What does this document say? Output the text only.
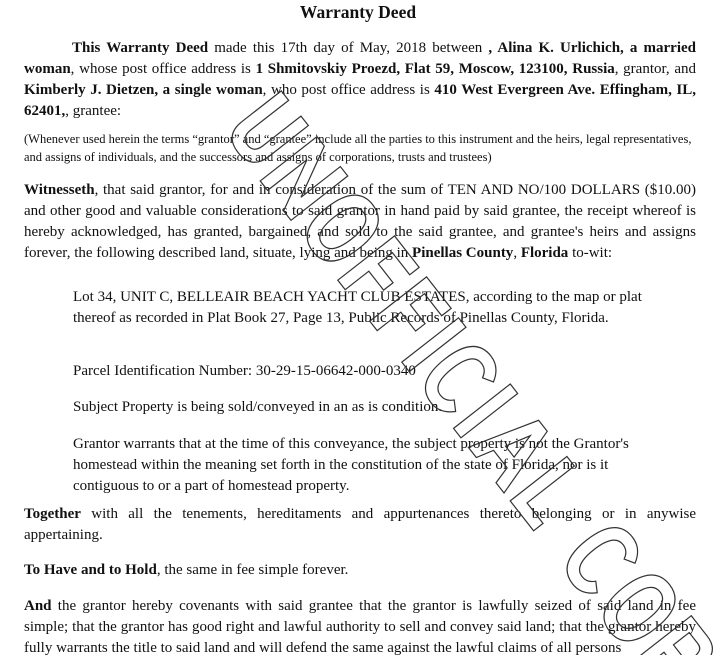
Warranty Deed

This Warranty Deed made this 17th day of May, 2018 between , Alina K. Urlichich, a married woman, whose post office address is 1 Shmitovskiy Proezd, Flat 59, Moscow, 123100, Russia, grantor, and Kimberly J. Dietzen, a single woman, who post office address is 410 West Evergreen Ave. Effingham, IL, 62401,, grantee:

(Whenever used herein the terms “grantor” and “grantee” include all the parties to this instrument and the heirs, legal representatives, and assigns of individuals, and the successors and assigns of corporations, trusts and trustees)

Witnesseth, that said grantor, for and in consideration of the sum of TEN AND NO/100 DOLLARS ($10.00) and other good and valuable considerations to said grantor in hand paid by said grantee, the receipt whereof is hereby acknowledged, has granted, bargained, and sold to the said grantee, and grantee's heirs and assigns forever, the following described land, situate, lying and being in Pinellas County, Florida to-wit:

Lot 34, UNIT C, BELLEAIR BEACH YACHT CLUB ESTATES, according to the map or plat thereof as recorded in Plat Book 27, Page 13, Public Records of Pinellas County, Florida.

Parcel Identification Number: 30-29-15-06642-000-0340

Subject Property is being sold/conveyed in an as is condition.

Grantor warrants that at the time of this conveyance, the subject property is not the Grantor's homestead within the meaning set forth in the constitution of the state of Florida, nor is it contiguous to or a part of homestead property.

Together with all the tenements, hereditaments and appurtenances thereto belonging or in anywise appertaining.

To Have and to Hold, the same in fee simple forever.

And the grantor hereby covenants with said grantee that the grantor is lawfully seized of said land in fee simple; that the grantor has good right and lawful authority to sell and convey said land; that the grantor hereby fully warrants the title to said land and will defend the same against the lawful claims of all persons
